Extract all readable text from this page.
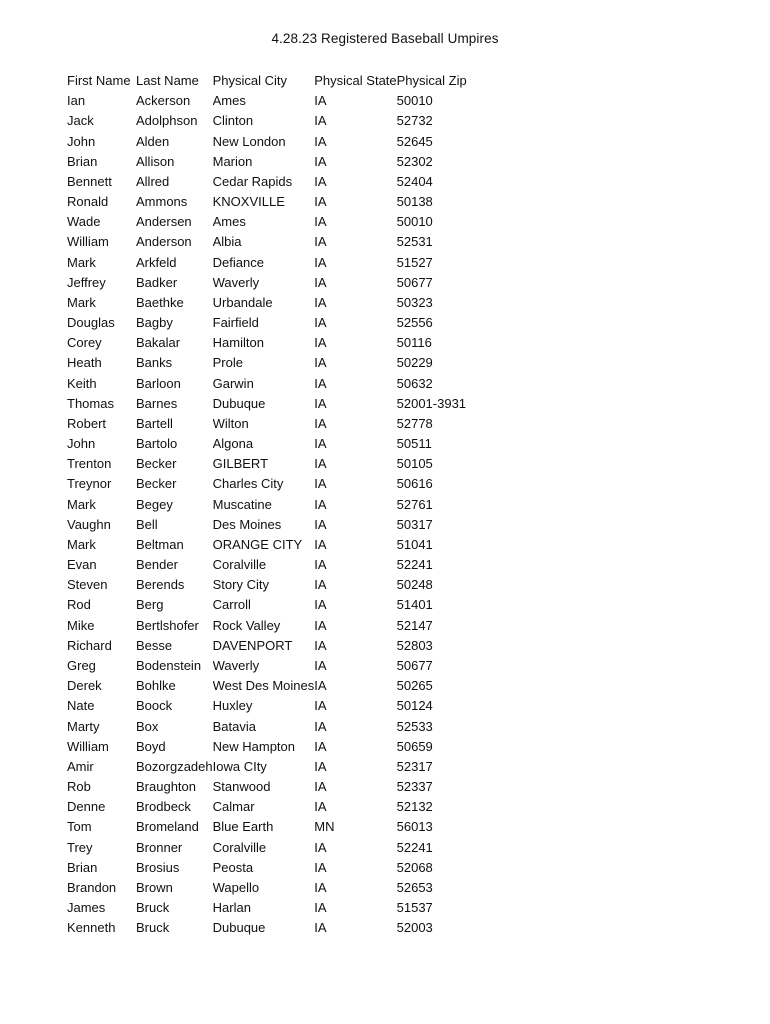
4.28.23 Registered Baseball Umpires
First Name	Last Name	Physical City	Physical State	Physical Zip
Ian	Ackerson	Ames	IA	50010
Jack	Adolphson	Clinton	IA	52732
John	Alden	New London	IA	52645
Brian	Allison	Marion	IA	52302
Bennett	Allred	Cedar Rapids	IA	52404
Ronald	Ammons	KNOXVILLE	IA	50138
Wade	Andersen	Ames	IA	50010
William	Anderson	Albia	IA	52531
Mark	Arkfeld	Defiance	IA	51527
Jeffrey	Badker	Waverly	IA	50677
Mark	Baethke	Urbandale	IA	50323
Douglas	Bagby	Fairfield	IA	52556
Corey	Bakalar	Hamilton	IA	50116
Heath	Banks	Prole	IA	50229
Keith	Barloon	Garwin	IA	50632
Thomas	Barnes	Dubuque	IA	52001-3931
Robert	Bartell	Wilton	IA	52778
John	Bartolo	Algona	IA	50511
Trenton	Becker	GILBERT	IA	50105
Treynor	Becker	Charles City	IA	50616
Mark	Begey	Muscatine	IA	52761
Vaughn	Bell	Des Moines	IA	50317
Mark	Beltman	ORANGE CITY	IA	51041
Evan	Bender	Coralville	IA	52241
Steven	Berends	Story City	IA	50248
Rod	Berg	Carroll	IA	51401
Mike	Bertlshofer	Rock Valley	IA	52147
Richard	Besse	DAVENPORT	IA	52803
Greg	Bodenstein	Waverly	IA	50677
Derek	Bohlke	West Des Moines	IA	50265
Nate	Boock	Huxley	IA	50124
Marty	Box	Batavia	IA	52533
William	Boyd	New Hampton	IA	50659
Amir	Bozorgzadeh	Iowa CIty	IA	52317
Rob	Braughton	Stanwood	IA	52337
Denne	Brodbeck	Calmar	IA	52132
Tom	Bromeland	Blue Earth	MN	56013
Trey	Bronner	Coralville	IA	52241
Brian	Brosius	Peosta	IA	52068
Brandon	Brown	Wapello	IA	52653
James	Bruck	Harlan	IA	51537
Kenneth	Bruck	Dubuque	IA	52003
